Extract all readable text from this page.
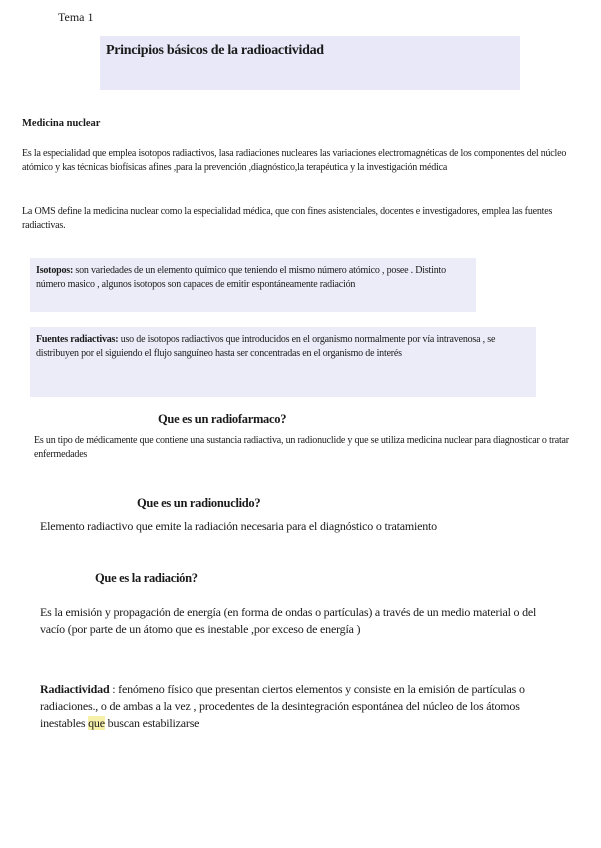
Tema 1
Principios básicos de la radioactividad
Medicina nuclear
Es la especialidad que emplea isotopos radiactivos, lasa radiaciones nucleares las variaciones electromagnéticas de los componentes del núcleo atómico y kas técnicas biofísicas afines ,para la prevención ,diagnóstico,la terapéutica y la investigación médica
La OMS define la medicina nuclear como la especialidad médica, que con fines asistenciales, docentes e investigadores, emplea las fuentes radiactivas.
Isotopos: son variedades de un elemento químico que teniendo el mismo número atómico , posee . Distinto número masico , algunos isotopos son capaces de emitir espontáneamente radiación
Fuentes radiactivas: uso de isotopos radiactivos que introducidos en el organismo normalmente por vía intravenosa , se distribuyen por el siguiendo el flujo sanguíneo hasta ser concentradas en el organismo de interés
Que es un radiofarmaco?
Es un tipo de médicamente que contiene una sustancia radiactiva, un radionuclide y que se utiliza medicina nuclear para diagnosticar o tratar enfermedades
Que es un radionuclido?
Elemento radiactivo que emite la radiación necesaria para el diagnóstico o tratamiento
Que es la radiación?
Es la emisión y propagación de energía (en forma de ondas o partículas) a través de un medio material o del vacío (por parte de un átomo que es inestable ,por exceso de energía )
Radiactividad : fenómeno físico que presentan ciertos elementos y consiste en la emisión de partículas o radiaciones., o de ambas a la vez , procedentes de la desintegración espontánea del núcleo de los átomos inestables que buscan estabilizarse
